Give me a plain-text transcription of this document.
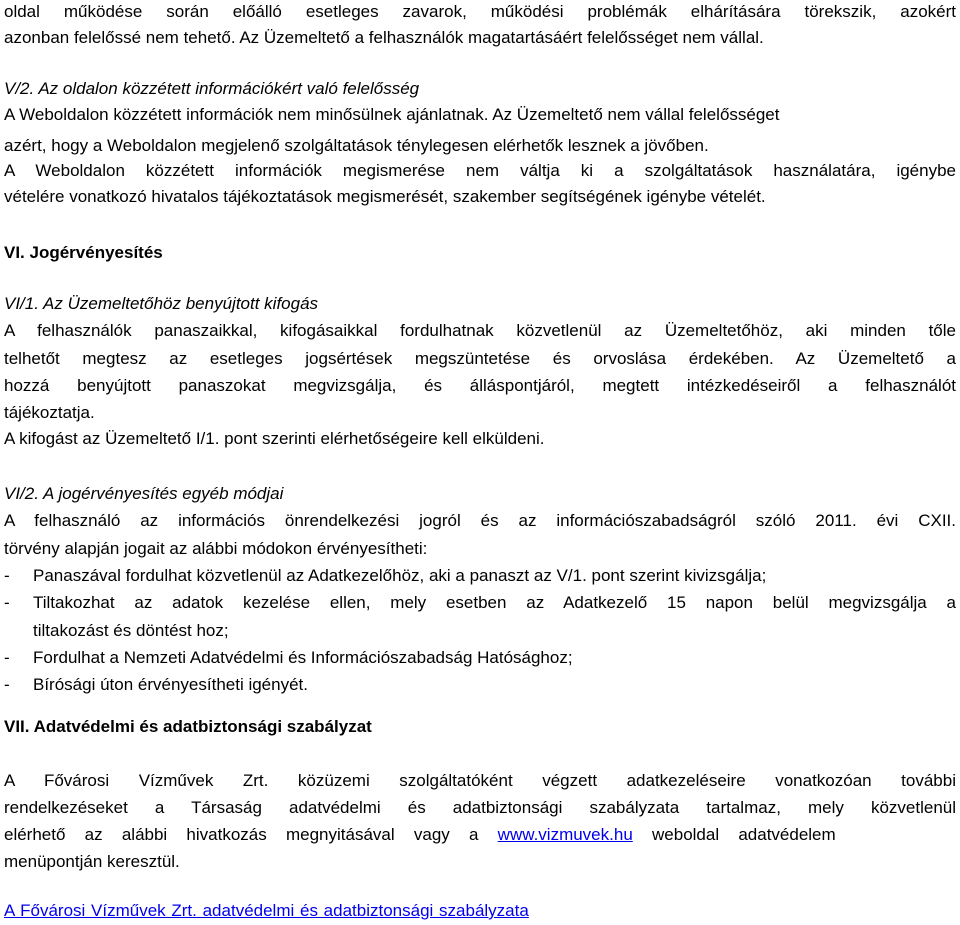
oldal működése során előálló esetleges zavarok, működési problémák elhárítására törekszik, azokért

azonban felelőssé nem tehető. Az Üzemeltető a felhasználók magatartásáért felelősséget nem vállal.

V/2. Az oldalon közzétett információkért való felelősség

A Weboldalon közzétett információk nem minősülnek ajánlatnak. Az Üzemeltető nem vállal felelősséget

azért, hogy a Weboldalon megjelenő szolgáltatások ténylegesen elérhetők lesznek a jövőben.

A Weboldalon közzétett információk megismerése nem váltja ki a szolgáltatások használatára, igénybe

vételére vonatkozó hivatalos tájékoztatások megismerését, szakember segítségének igénybe vételét.

VI. Jogérvényesítés

VI/1. Az Üzemeltetőhöz benyújtott kifogás

A felhasználók panaszaikkal, kifogásaikkal fordulhatnak közvetlenül az Üzemeltetőhöz, aki minden tőle

telhetőt megtesz az esetleges jogsértések megszüntetése és orvoslása érdekében. Az Üzemeltető a

hozzá benyújtott panaszokat megvizsgálja, és álláspontjáról, megtett intézkedéseiről a felhasználót

tájékoztatja.

A kifogást az Üzemeltető I/1. pont szerinti elérhetőségeire kell elküldeni.

VI/2. A jogérvényesítés egyéb módjai

A felhasználó az információs önrendelkezési jogról és az információszabadságról szóló 2011. évi CXII.

törvény alapján jogait az alábbi módokon érvényesítheti:

- Panaszával fordulhat közvetlenül az Adatkezelőhöz, aki a panaszt az V/1. pont szerint kivizsgálja;

- Tiltakozhat az adatok kezelése ellen, mely esetben az Adatkezelő 15 napon belül megvizsgálja a

tiltakozást és döntést hoz;

- Fordulhat a Nemzeti Adatvédelmi és Információszabadság Hatósághoz;

- Bírósági úton érvényesítheti igényét.

VII. Adatvédelmi és adatbiztonsági szabályzat

A Fővárosi Vízművek Zrt. közüzemi szolgáltatóként végzett adatkezeléseire vonatkozóan további

rendelkezéseket a Társaság adatvédelmi és adatbiztonsági szabályzata tartalmaz, mely közvetlenül

elérhető az alábbi hivatkozás megnyitásával vagy a www.vizmuvek.hu weboldal adatvédelem

menüpontján keresztül.

A Fővárosi Vízművek Zrt. adatvédelmi és adatbiztonsági szabályzata
